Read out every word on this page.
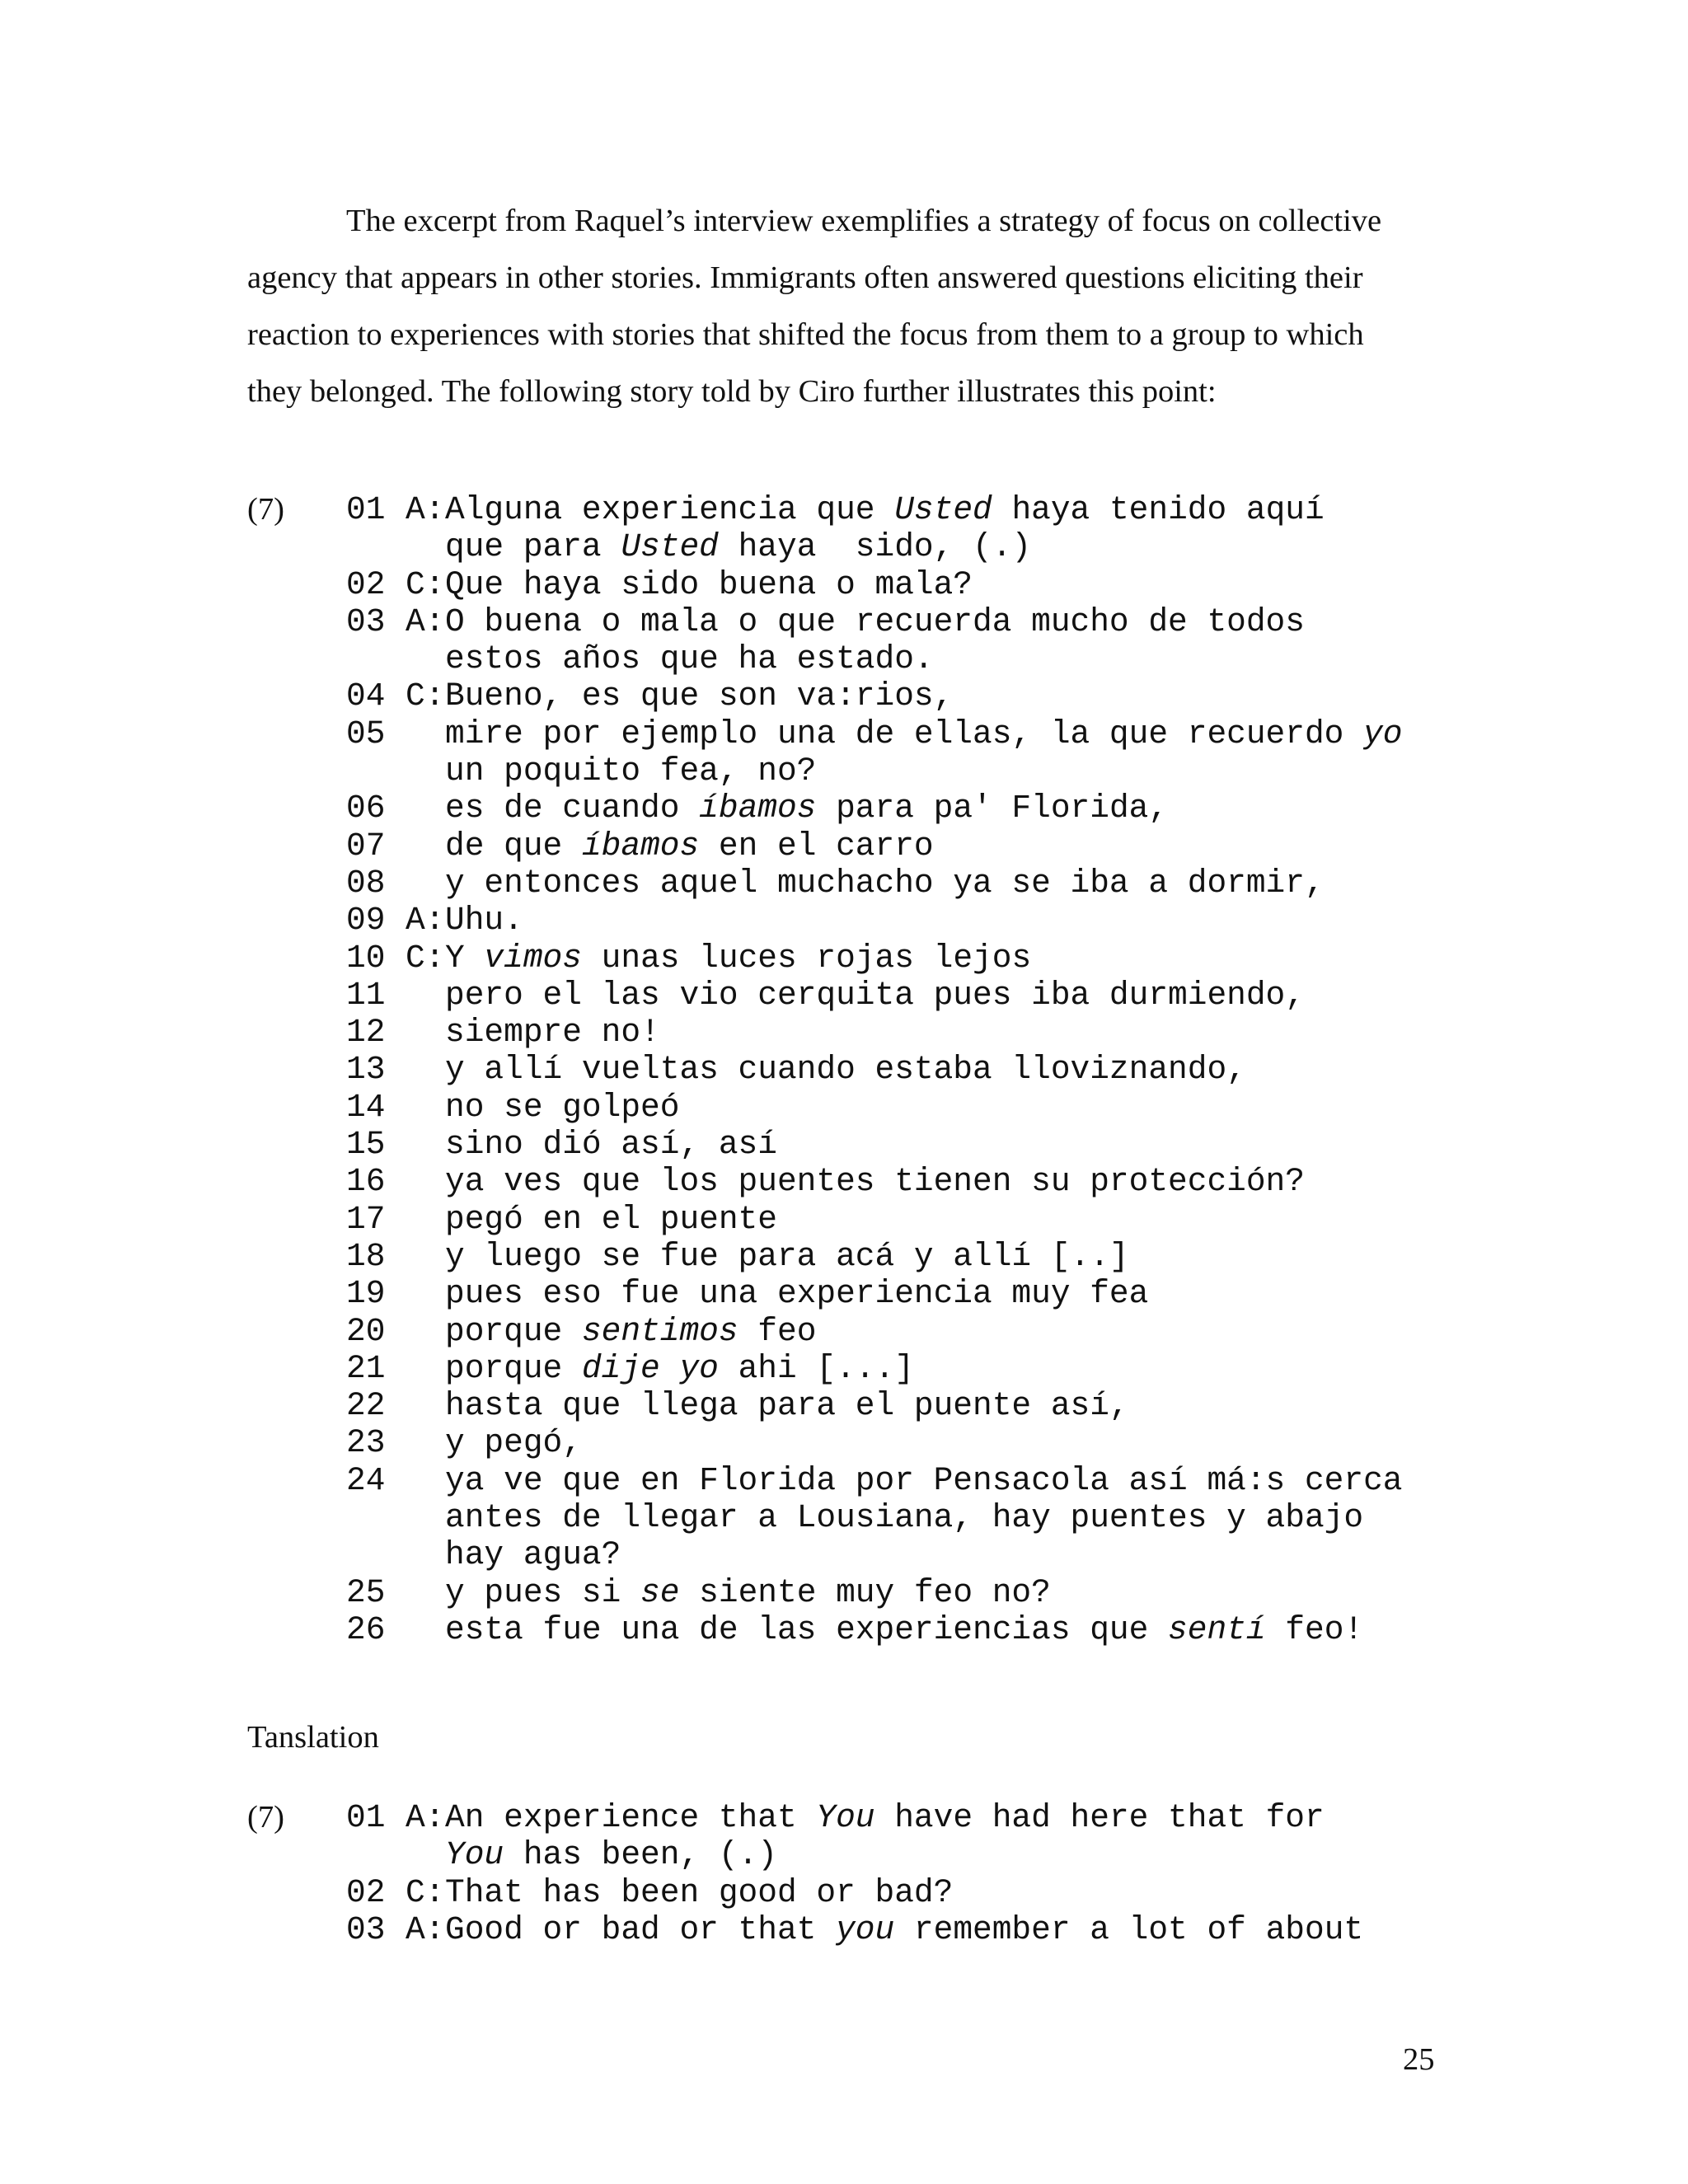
The excerpt from Raquel’s interview exemplifies a strategy of focus on collective
agency that appears in other stories. Immigrants often answered questions eliciting their
reaction to experiences with stories that shifted the focus from them to a group to which
they belonged. The following story told by Ciro further illustrates this point:
(7) 01 A:Alguna experiencia que Usted haya tenido aquí
que para Usted haya  sido, (.)
02 C:Que haya sido buena o mala?
03 A:O buena o mala o que recuerda mucho de todos
estos años que ha estado.
04 C:Bueno, es que son va:rios,
05 mire por ejemplo una de ellas, la que recuerdo yo
un poquito fea, no?
06 es de cuando íbamos para pa' Florida,
07 de que íbamos en el carro
08 y entonces aquel muchacho ya se iba a dormir,
09 A:Uhu.
10 C:Y vimos unas luces rojas lejos
11 pero el las vio cerquita pues iba durmiendo,
12 siempre no!
13 y allí vueltas cuando estaba lloviznando,
14 no se golpeó
15 sino dió así, así
16 ya ves que los puentes tienen su protección?
17 pegó en el puente
18 y luego se fue para acá y allí [..]
19 pues eso fue una experiencia muy fea
20 porque sentimos feo
21 porque dije yo ahi [...]
22 hasta que llega para el puente así,
23 y pegó,
24 ya ve que en Florida por Pensacola así má:s cerca
antes de llegar a Lousiana, hay puentes y abajo
hay agua?
25 y pues si se siente muy feo no?
26 esta fue una de las experiencias que sentí feo!
Tanslation
(7) 01 A:An experience that You have had here that for
You has been, (.)
02 C:That has been good or bad?
03 A:Good or bad or that you remember a lot of about
25
